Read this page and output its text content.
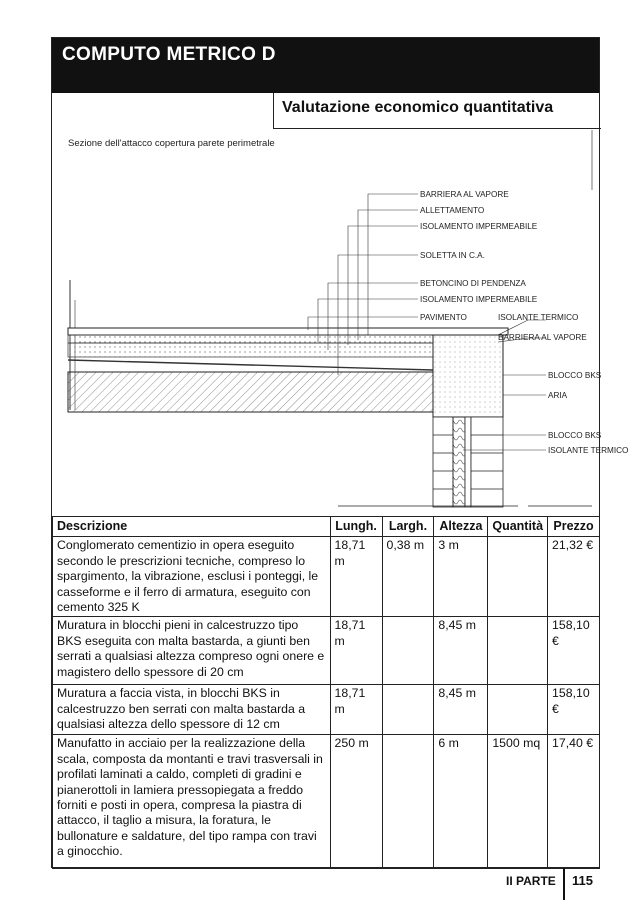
COMPUTO METRICO D
Valutazione economico quantitativa
Sezione dell'attacco copertura parete perimetrale
BARRIERA AL VAPORE
ALLETTAMENTO
ISOLAMENTO IMPERMEABILE
SOLETTA IN C.A.
BETONCINO DI PENDENZA
ISOLAMENTO IMPERMEABILE
PAVIMENTO	ISOLANTE TERMICO
BARRIERA AL VAPORE
BLOCCO BKS
ARIA
BLOCCO BKS
ISOLANTE TERMICO
Descrizione	Lungh.	Largh.	Altezza	Quantità	Prezzo
Conglomerato cementizio in opera eseguito secondo le prescrizioni tecniche, compreso lo spargimento, la vibrazione, esclusi i ponteggi, le casseforme e il ferro di armatura, eseguito con cemento 325 K	18,71 m	0,38 m	3 m		21,32 €
Muratura in blocchi pieni in calcestruzzo tipo BKS eseguita con malta bastarda, a giunti ben serrati a qualsiasi altezza compreso ogni onere e magistero dello spessore di 20 cm	18,71 m		8,45 m		158,10 €
Muratura a faccia vista, in blocchi BKS in calcestruzzo ben serrati con malta bastarda a qualsiasi altezza dello spessore di 12 cm	18,71 m		8,45 m		158,10 €
Manufatto in acciaio per la realizzazione della scala, composta da montanti e travi trasversali in profilati laminati a caldo, completi di gradini e pianerottoli in lamiera pressopiegata a freddo forniti e posti in opera, compresa la piastra di attacco, il taglio a misura, la foratura, le bullonature e saldature, del tipo rampa con travi a ginocchio.	250 m		6 m	1500 mq	17,40 €
II PARTE 115
